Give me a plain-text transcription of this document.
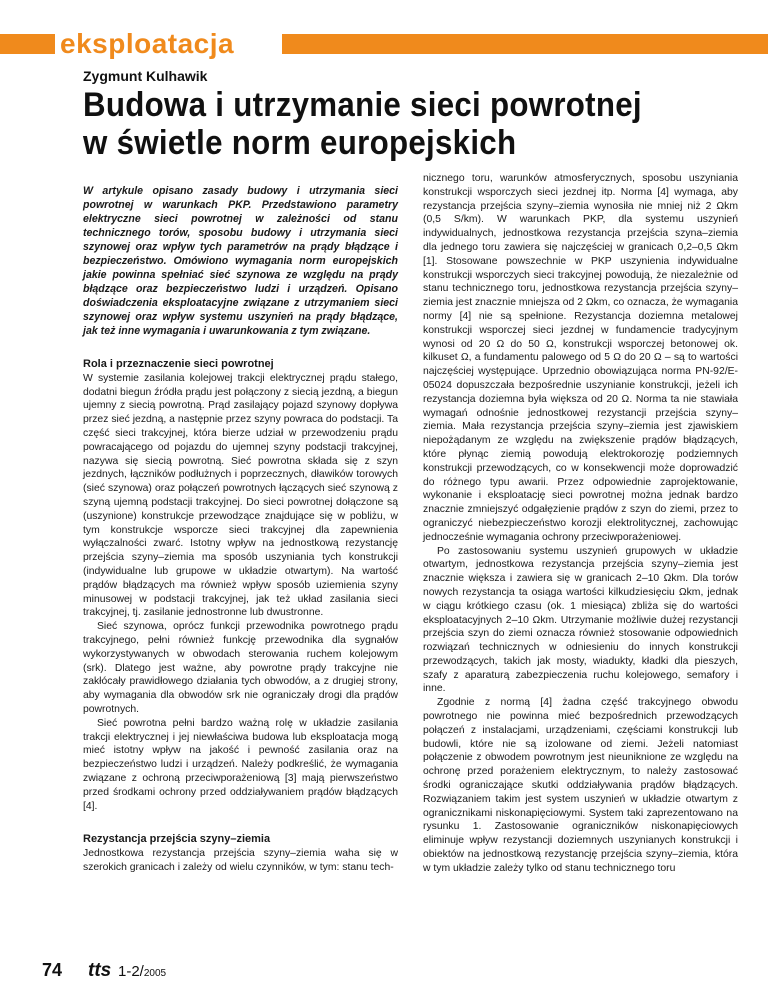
eksploatacja
Zygmunt Kulhawik
Budowa i utrzymanie sieci powrotnej
w świetle norm europejskich

W artykule opisano zasady budowy i utrzymania sieci powrotnej w warunkach PKP. Przedstawiono parametry elektryczne sieci powrotnej w zależności od stanu technicznego torów, sposobu budowy i utrzymania sieci szynowej oraz wpływ tych parametrów na prądy błądzące i bezpieczeństwo. Omówiono wymagania norm europejskich jakie powinna spełniać sieć szynowa ze względu na prądy błądzące oraz bezpieczeństwo ludzi i urządzeń. Opisano doświadczenia eksploatacyjne związane z utrzymaniem sieci szynowej oraz wpływ systemu uszynień na prądy błądzące, jak też inne wymagania i uwarunkowania z tym związane.

Rola i przeznaczenie sieci powrotnej

W systemie zasilania kolejowej trakcji elektrycznej prądu stałego, dodatni biegun źródła prądu jest połączony z siecią jezdną, a biegun ujemny z siecią powrotną. Prąd zasilający pojazd szynowy dopływa przez sieć jezdną, a następnie przez szyny powraca do podstacji. Ta część sieci trakcyjnej, która bierze udział w przewodzeniu prądu powracającego od pojazdu do ujemnej szyny podstacji trakcyjnej, nazywa się siecią powrotną. Sieć powrotna składa się z szyn jezdnych, łączników podłużnych i poprzecznych, dławików torowych (sieć szynowa) oraz połączeń powrotnych łączących sieć szynową z szyną ujemną podstacji trakcyjnej. Do sieci powrotnej dołączone są (uszynione) konstrukcje przewodzące znajdujące się w pobliżu, w tym konstrukcje wsporcze sieci trakcyjnej dla zapewnienia wyłączalności zwarć. Istotny wpływ na jednostkową rezystancję przejścia szyny–ziemia ma sposób uszyniania tych konstrukcji (indywidualne lub grupowe w układzie otwartym). Na wartość prądów błądzących ma również wpływ sposób uziemienia szyny minusowej w podstacji trakcyjnej, jak też układ zasilania sieci trakcyjnej, tj. zasilanie jednostronne lub dwustronne.

Sieć szynowa, oprócz funkcji przewodnika powrotnego prądu trakcyjnego, pełni również funkcję przewodnika dla sygnałów wykorzystywanych w obwodach sterowania ruchem kolejowym (srk). Dlatego jest ważne, aby powrotne prądy trakcyjne nie zakłócały prawidłowego działania tych obwodów, a z drugiej strony, aby wymagania dla obwodów srk nie ograniczały drogi dla prądów powrotnych.

Sieć powrotna pełni bardzo ważną rolę w układzie zasilania trakcji elektrycznej i jej niewłaściwa budowa lub eksploatacja mogą mieć istotny wpływ na jakość i pewność zasilania oraz na bezpieczeństwo ludzi i urządzeń. Należy podkreślić, że wymagania związane z ochroną przeciwporażeniową [3] mają pierwszeństwo przed środkami ochrony przed oddziaływaniem prądów błądzących [4].

Rezystancja przejścia szyny–ziemia

Jednostkowa rezystancja przejścia szyny–ziemia waha się w szerokich granicach i zależy od wielu czynników, w tym: stanu tech-

nicznego toru, warunków atmosferycznych, sposobu uszyniania konstrukcji wsporczych sieci jezdnej itp. Norma [4] wymaga, aby rezystancja przejścia szyny–ziemia wynosiła nie mniej niż 2 Ωkm (0,5 S/km). W warunkach PKP, dla systemu uszynień indywidualnych, jednostkowa rezystancja przejścia szyna–ziemia dla jednego toru zawiera się najczęściej w granicach 0,2–0,5 Ωkm [1]. Stosowane powszechnie w PKP uszynienia indywidualne konstrukcji wsporczych sieci trakcyjnej powodują, że niezależnie od stanu technicznego toru, jednostkowa rezystancja przejścia szyny–ziemia jest znacznie mniejsza od 2 Ωkm, co oznacza, że wymagania normy [4] nie są spełnione. Rezystancja doziemna metalowej konstrukcji wsporczej sieci jezdnej w fundamencie tradycyjnym wynosi od 20 Ω do 50 Ω, konstrukcji wsporczej betonowej ok. kilkuset Ω, a fundamentu palowego od 5 Ω do 20 Ω – są to wartości najczęściej występujące. Uprzednio obowiązująca norma PN-92/E-05024 dopuszczała bezpośrednie uszynianie konstrukcji, jeżeli ich rezystancja doziemna była większa od 20 Ω. Norma ta nie stawiała wymagań odnośnie jednostkowej rezystancji przejścia szyny–ziemia. Mała rezystancja przejścia szyny–ziemia jest zjawiskiem niepożądanym ze względu na zwiększenie prądów błądzących, które płynąc ziemią powodują elektrokorozję podziemnych konstrukcji przewodzących, co w konsekwencji może doprowadzić do różnego typu awarii. Przez odpowiednie zaprojektowanie, wykonanie i eksploatację sieci powrotnej można jednak bardzo znacznie zmniejszyć odgałęzienie prądów z szyn do ziemi, przez to ograniczyć niebezpieczeństwo korozji elektrolitycznej, zachowując jednocześnie wymagania ochrony przeciwporażeniowej.

Po zastosowaniu systemu uszynień grupowych w układzie otwartym, jednostkowa rezystancja przejścia szyny–ziemia jest znacznie większa i zawiera się w granicach 2–10 Ωkm. Dla torów nowych rezystancja ta osiąga wartości kilkudziesięciu Ωkm, jednak w ciągu krótkiego czasu (ok. 1 miesiąca) zbliża się do wartości eksploatacyjnych 2–10 Ωkm. Utrzymanie możliwie dużej rezystancji przejścia szyn do ziemi oznacza również stosowanie odpowiednich rozwiązań technicznych w odniesieniu do innych konstrukcji przewodzących, takich jak mosty, wiadukty, kładki dla pieszych, szafy z aparaturą zabezpieczenia ruchu kolejowego, semafory i inne.

Zgodnie z normą [4] żadna część trakcyjnego obwodu powrotnego nie powinna mieć bezpośrednich przewodzących połączeń z instalacjami, urządzeniami, częściami konstrukcji lub budowli, które nie są izolowane od ziemi. Jeżeli natomiast połączenie z obwodem powrotnym jest nieuniknione ze względu na ochronę przed porażeniem elektrycznym, to należy zastosować środki ograniczające skutki oddziaływania prądów błądzących. Rozwiązaniem takim jest system uszynień w układzie otwartym z ogranicznikami niskonapięciowymi. System taki zaprezentowano na rysunku 1. Zastosowanie ograniczników niskonapięciowych eliminuje wpływ rezystancji doziemnych uszynianych konstrukcji i obiektów na jednostkową rezystancję przejścia szyny–ziemia, która w tym układzie zależy tylko od stanu technicznego toru

74 tts 1-2/2005
